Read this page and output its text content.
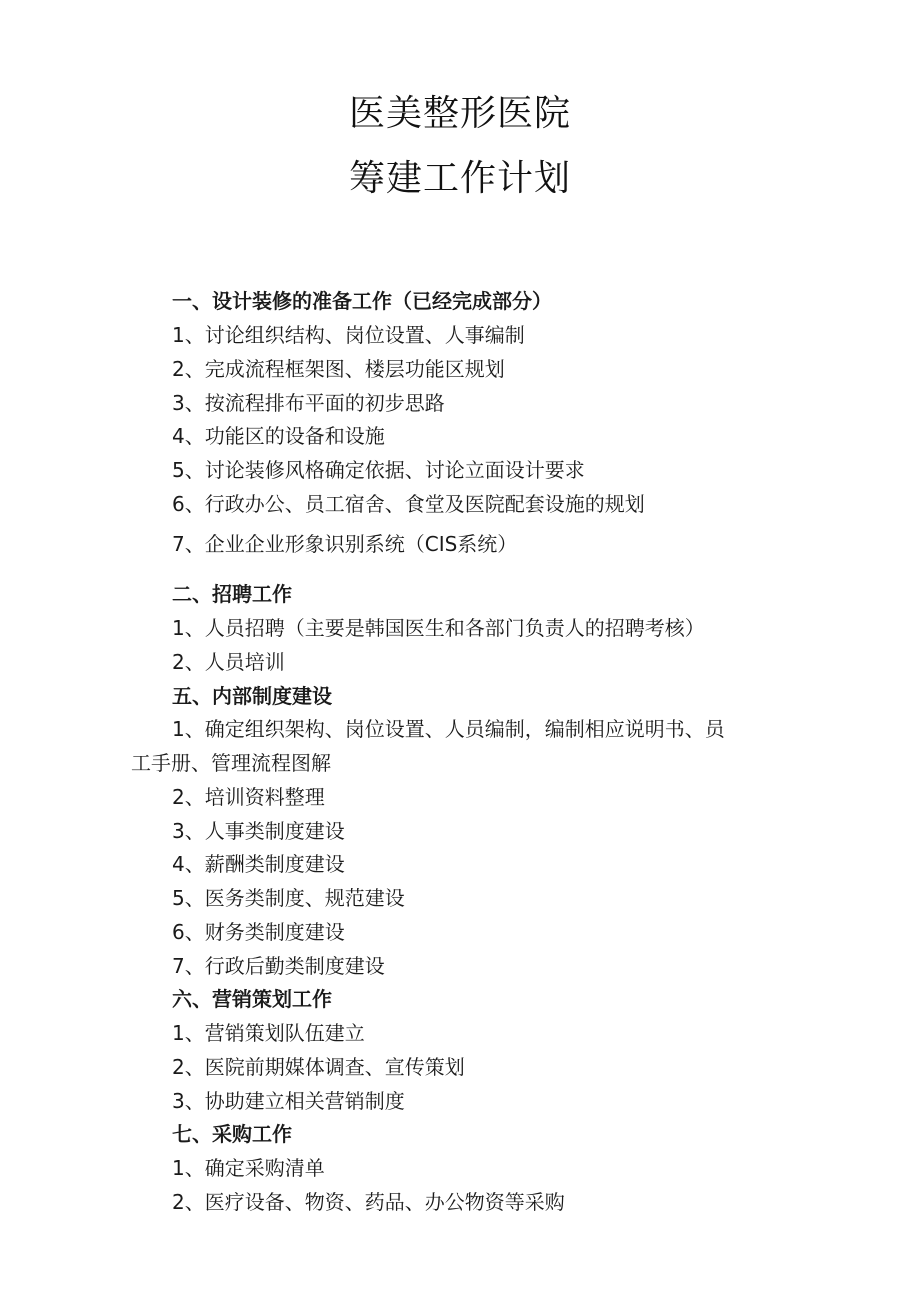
医美整形医院
筹建工作计划
一、设计装修的准备工作（已经完成部分）
1、讨论组织结构、岗位设置、人事编制
2、完成流程框架图、楼层功能区规划
3、按流程排布平面的初步思路
4、功能区的设备和设施
5、讨论装修风格确定依据、讨论立面设计要求
6、行政办公、员工宿舍、食堂及医院配套设施的规划
7、企业企业形象识别系统（CIS系统）
二、招聘工作
1、人员招聘（主要是韩国医生和各部门负责人的招聘考核）
2、人员培训
五、内部制度建设
1、确定组织架构、岗位设置、人员编制，编制相应说明书、员
工手册、管理流程图解
2、培训资料整理
3、人事类制度建设
4、薪酬类制度建设
5、医务类制度、规范建设
6、财务类制度建设
7、行政后勤类制度建设
六、营销策划工作
1、营销策划队伍建立
2、医院前期媒体调查、宣传策划
3、协助建立相关营销制度
七、采购工作
1、确定采购清单
2、医疗设备、物资、药品、办公物资等采购
